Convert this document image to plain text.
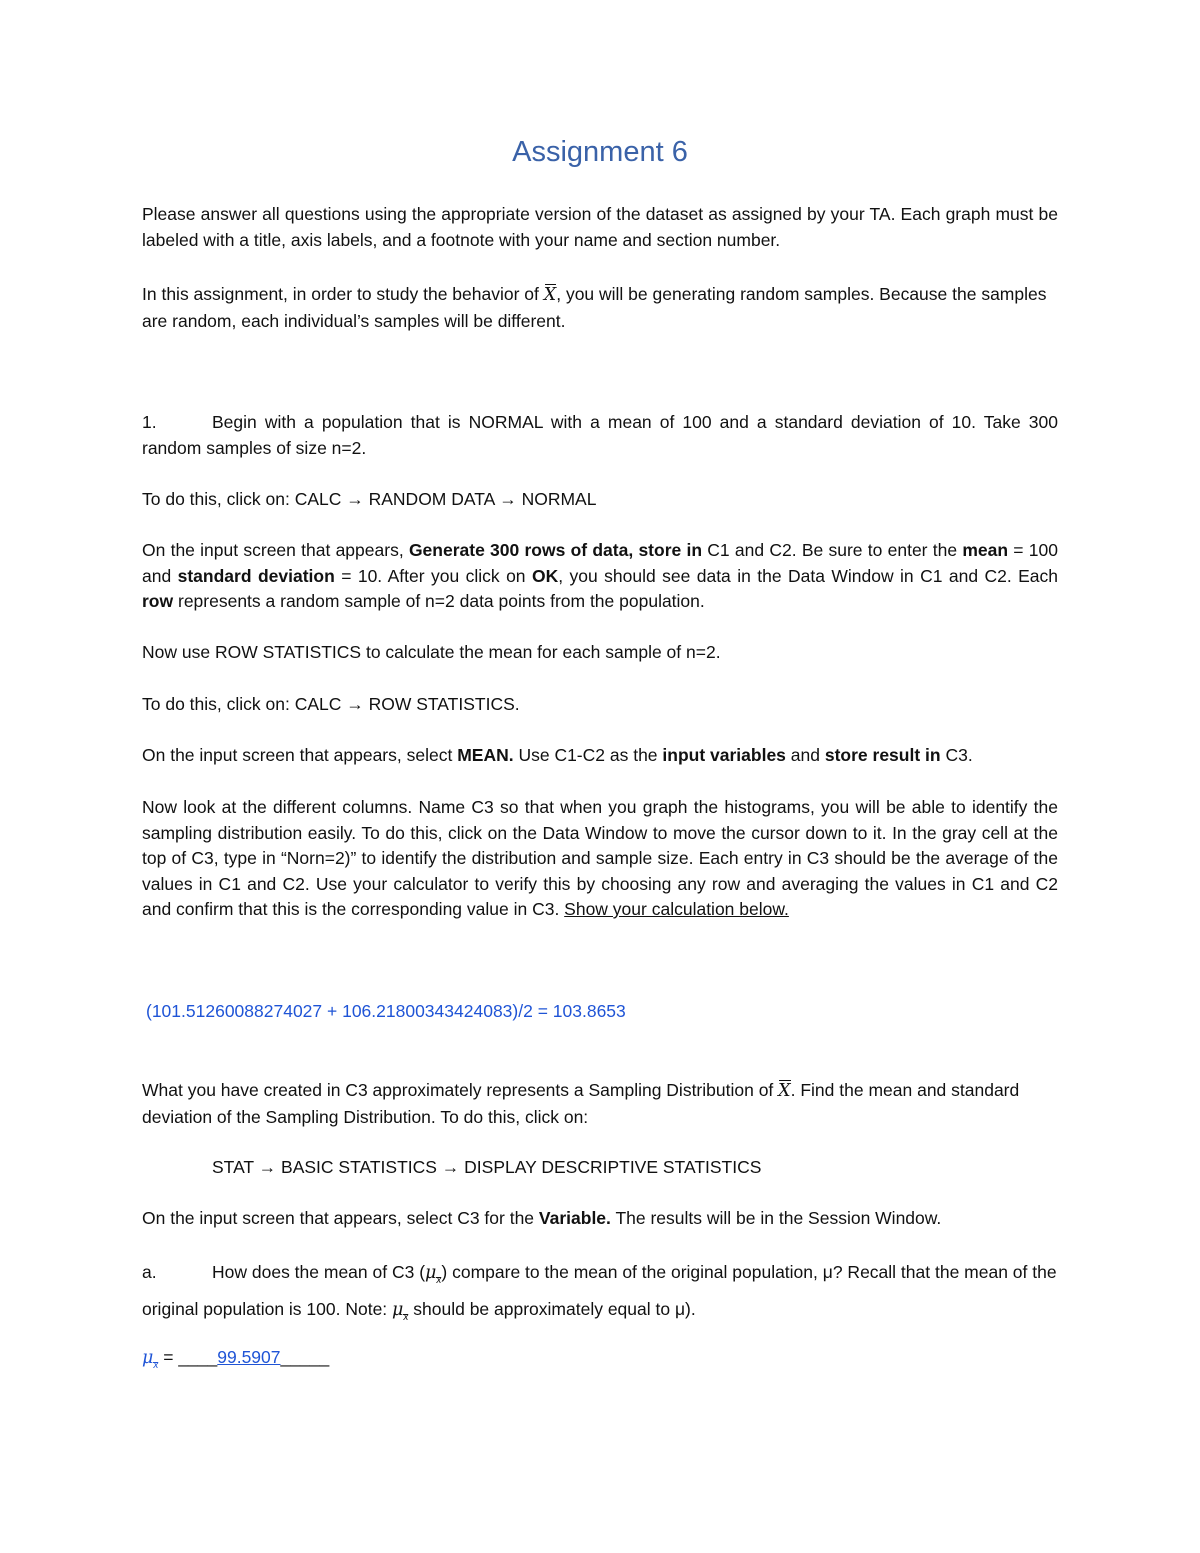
Assignment 6

Please answer all questions using the appropriate version of the dataset as assigned by your TA. Each graph must be labeled with a title, axis labels, and a footnote with your name and section number.

In this assignment, in order to study the behavior of X, you will be generating random samples. Because the samples are random, each individual’s samples will be different.

1.	Begin with a population that is NORMAL with a mean of 100 and a standard deviation of 10. Take 300 random samples of size n=2.

To do this, click on: CALC → RANDOM DATA → NORMAL

On the input screen that appears, Generate 300 rows of data, store in C1 and C2. Be sure to enter the mean = 100 and standard deviation = 10. After you click on OK, you should see data in the Data Window in C1 and C2. Each row represents a random sample of n=2 data points from the population.

Now use ROW STATISTICS to calculate the mean for each sample of n=2.

To do this, click on: CALC → ROW STATISTICS.

On the input screen that appears, select MEAN. Use C1-C2 as the input variables and store result in C3.

Now look at the different columns. Name C3 so that when you graph the histograms, you will be able to identify the sampling distribution easily. To do this, click on the Data Window to move the cursor down to it. In the gray cell at the top of C3, type in “Norn=2)” to identify the distribution and sample size. Each entry in C3 should be the average of the values in C1 and C2. Use your calculator to verify this by choosing any row and averaging the values in C1 and C2 and confirm that this is the corresponding value in C3. Show your calculation below.

(101.51260088274027 + 106.21800343424083)/2 = 103.8653

What you have created in C3 approximately represents a Sampling Distribution of X. Find the mean and standard deviation of the Sampling Distribution. To do this, click on:

STAT → BASIC STATISTICS → DISPLAY DESCRIPTIVE STATISTICS

On the input screen that appears, select C3 for the Variable. The results will be in the Session Window.

a.	How does the mean of C3 $(\mu_x)$ compare to the mean of the original population, μ? Recall that the mean of the original population is 100. Note: $\mu_x$ should be approximately equal to μ).

$\mu_x$ = ____99.5907_____
